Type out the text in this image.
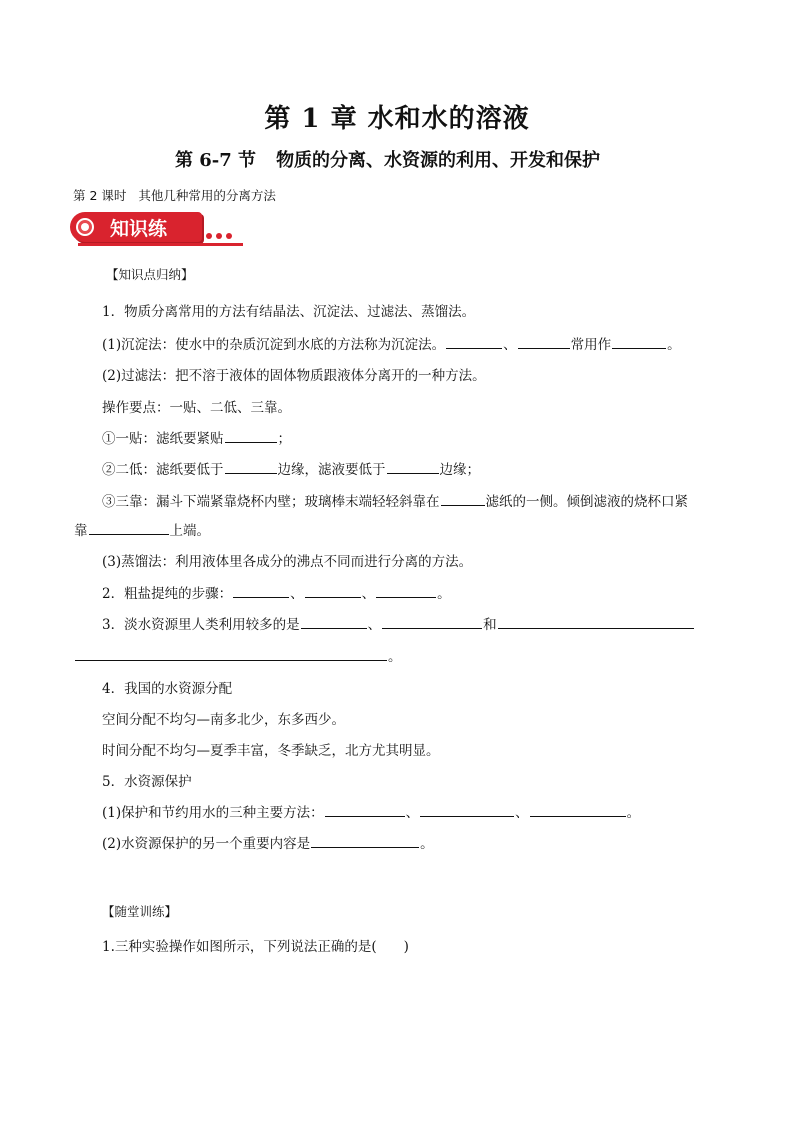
第 1 章 水和水的溶液
第 6-7 节 物质的分离、水资源的利用、开发和保护
第 2 课时 其他几种常用的分离方法
知识练
【知识点归纳】
1．物质分离常用的方法有结晶法、沉淀法、过滤法、蒸馏法。
(1)沉淀法：使水中的杂质沉淀到水底的方法称为沉淀法。	、	常用作	。
(2)过滤法：把不溶于液体的固体物质跟液体分离开的一种方法。
操作要点：一贴、二低、三靠。
①一贴：滤纸要紧贴	；
②二低：滤纸要低于	边缘，滤液要低于	边缘；
③三靠：漏斗下端紧靠烧杯内壁；玻璃棒末端轻轻斜靠在	滤纸的一侧。倾倒滤液的烧杯口紧
靠	上端。
(3)蒸馏法：利用液体里各成分的沸点不同而进行分离的方法。
2．粗盐提纯的步骤：	、	、	。
3．淡水资源里人类利用较多的是	、	和
。
4．我国的水资源分配
空间分配不均匀—南多北少，东多西少。
时间分配不均匀—夏季丰富，冬季缺乏，北方尤其明显。
5．水资源保护
(1)保护和节约用水的三种主要方法：	、	、	。
(2)水资源保护的另一个重要内容是	。
【随堂训练】
1.三种实验操作如图所示，下列说法正确的是(　　)
